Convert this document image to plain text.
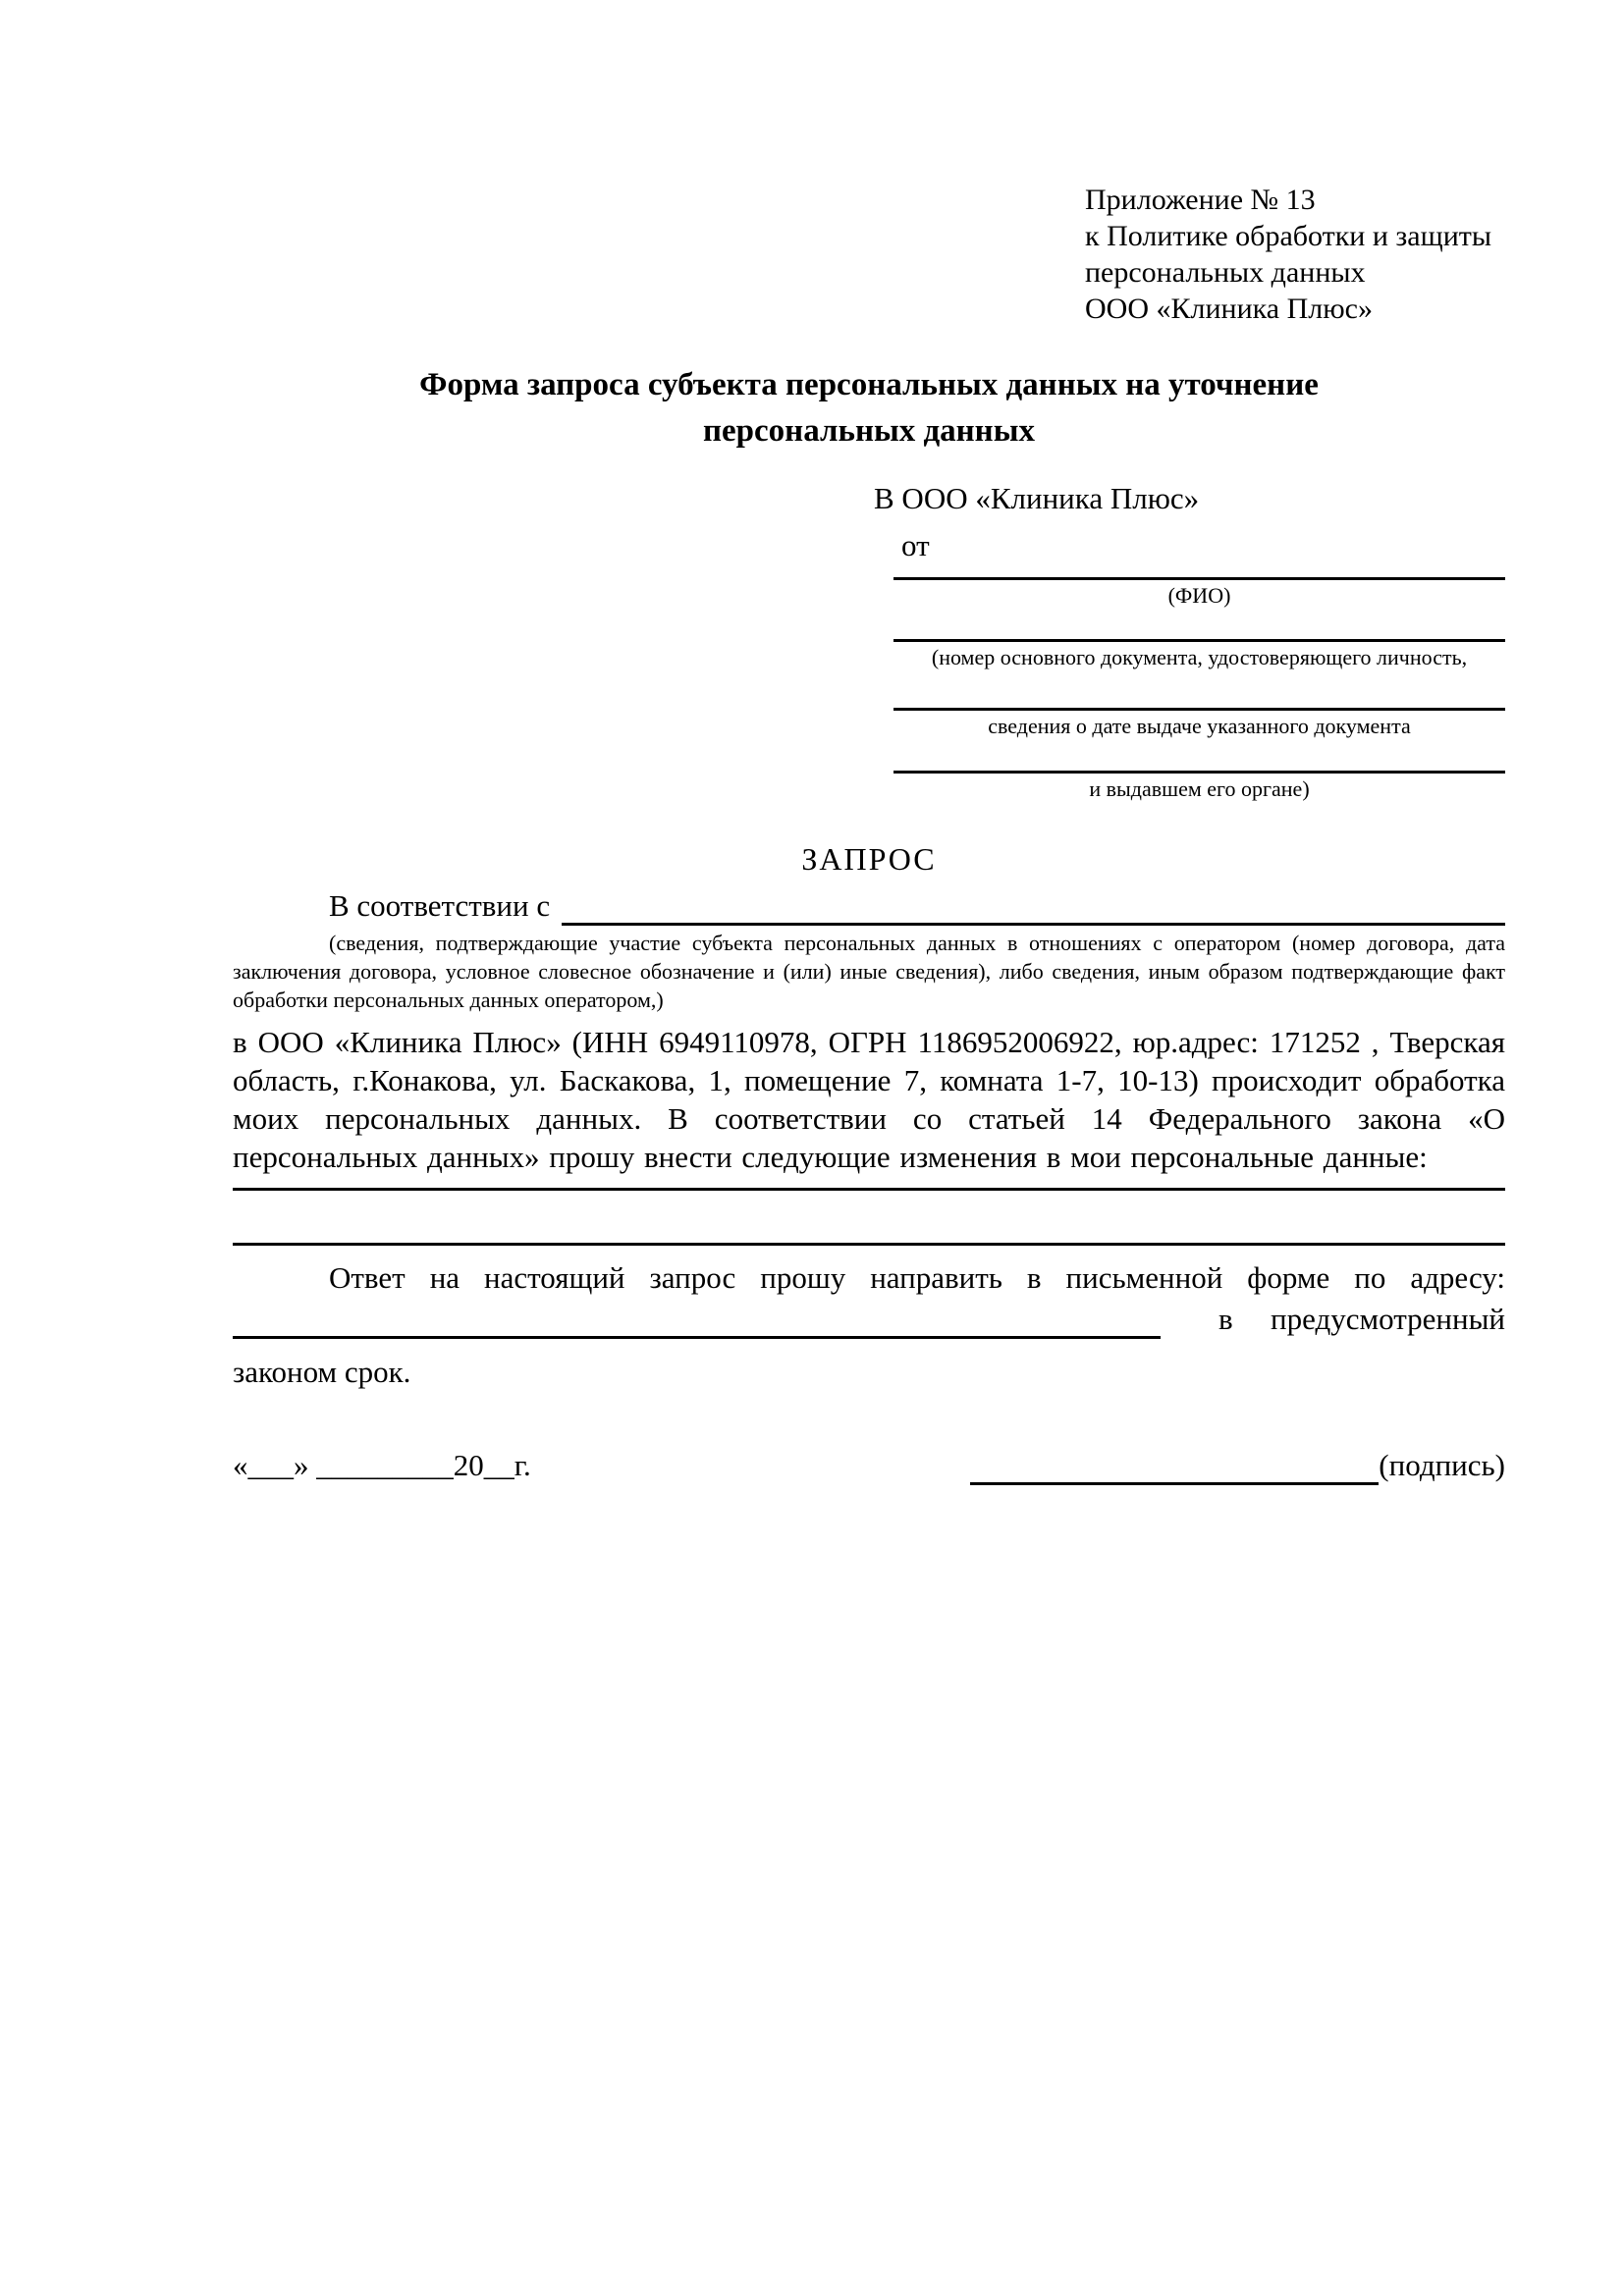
Приложение № 13
к Политике обработки и защиты
персональных данных
ООО «Клиника Плюс»
Форма запроса субъекта персональных данных на уточнение
персональных данных
В ООО «Клиника Плюс»
от
(ФИО)
(номер основного документа, удостоверяющего личность,
сведения о дате выдаче указанного документа
и выдавшем его органе)
ЗАПРОС
В соответствии с
(сведения, подтверждающие участие субъекта персональных данных в отношениях с оператором (номер договора, дата заключения договора, условное словесное обозначение и (или) иные сведения), либо сведения, иным образом подтверждающие факт обработки персональных данных оператором,)
в ООО «Клиника Плюс» (ИНН 6949110978, ОГРН 1186952006922, юр.адрес: 171252 , Тверская область, г.Конакова, ул. Баскакова, 1, помещение 7, комната 1-7, 10-13) происходит обработка моих персональных данных. В соответствии со статьей 14 Федерального закона «О персональных данных» прошу внести следующие изменения в мои персональные данные:
Ответ на настоящий запрос прошу направить в письменной форме по адресу:
в предусмотренный
законом срок.
«___» _________20__г.	(подпись)
